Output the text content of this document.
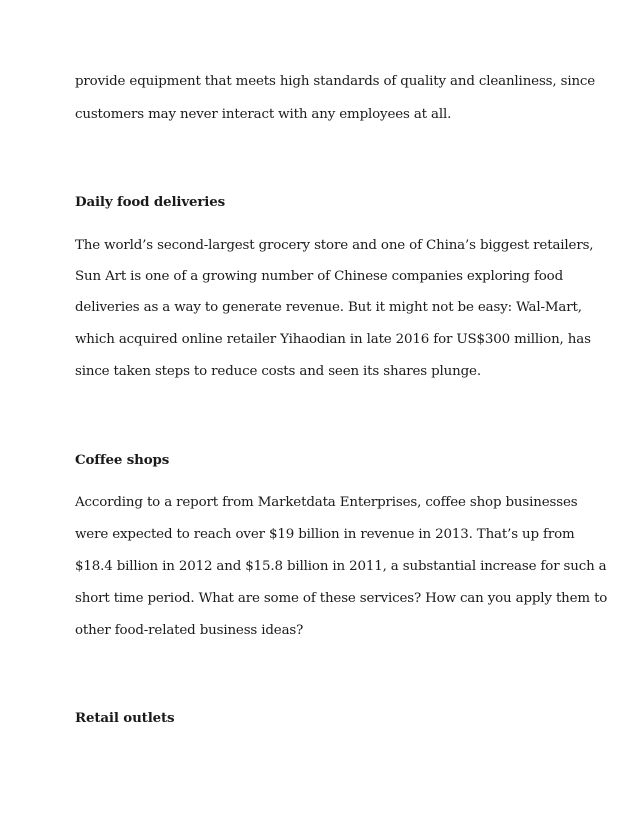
provide equipment that meets high standards of quality and cleanliness, since
customers may never interact with any employees at all.
Daily food deliveries
The world’s second-largest grocery store and one of China’s biggest retailers,
Sun Art is one of a growing number of Chinese companies exploring food
deliveries as a way to generate revenue. But it might not be easy: Wal-Mart,
which acquired online retailer Yihaodian in late 2016 for US$300 million, has
since taken steps to reduce costs and seen its shares plunge.
Coffee shops
According to a report from Marketdata Enterprises, coffee shop businesses
were expected to reach over $19 billion in revenue in 2013. That’s up from
$18.4 billion in 2012 and $15.8 billion in 2011, a substantial increase for such a
short time period. What are some of these services? How can you apply them to
other food-related business ideas?
Retail outlets
